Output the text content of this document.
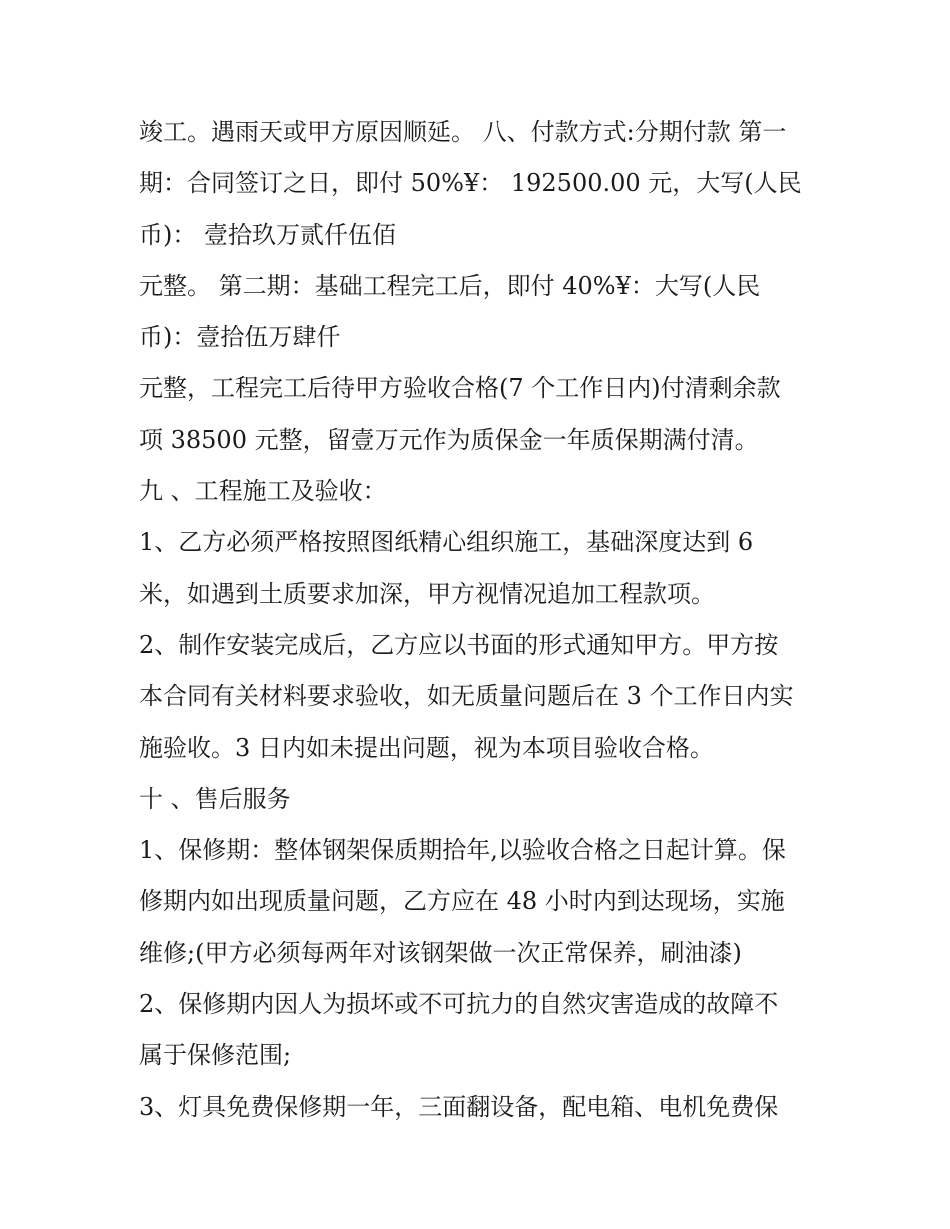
竣工。遇雨天或甲方原因顺延。 八、付款方式:分期付款 第一
期：合同签订之日，即付 50%¥： 192500.00 元，大写(人民
币)： 壹拾玖万贰仟伍佰
元整。 第二期：基础工程完工后，即付 40%¥：大写(人民
币)：壹拾伍万肆仟
元整，工程完工后待甲方验收合格(7 个工作日内)付清剩余款
项 38500 元整，留壹万元作为质保金一年质保期满付清。
九 、工程施工及验收：
1、乙方必须严格按照图纸精心组织施工，基础深度达到 6
米，如遇到土质要求加深，甲方视情况追加工程款项。
2、制作安装完成后，乙方应以书面的形式通知甲方。甲方按
本合同有关材料要求验收，如无质量问题后在 3 个工作日内实
施验收。3 日内如未提出问题，视为本项目验收合格。
十 、售后服务
1、保修期：整体钢架保质期拾年,以验收合格之日起计算。保
修期内如出现质量问题，乙方应在 48 小时内到达现场，实施
维修;(甲方必须每两年对该钢架做一次正常保养，刷油漆)
2、保修期内因人为损坏或不可抗力的自然灾害造成的故障不
属于保修范围;
3、灯具免费保修期一年，三面翻设备，配电箱、电机免费保
